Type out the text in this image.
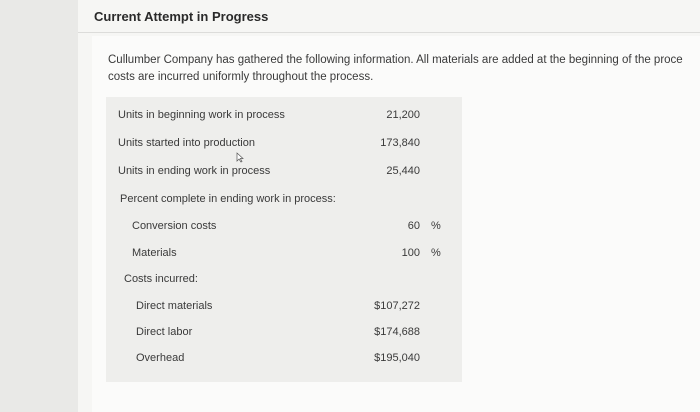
Current Attempt in Progress
Cullumber Company has gathered the following information. All materials are added at the beginning of the proce
costs are incurred uniformly throughout the process.
Units in beginning work in process	21,200
Units started into production	173,840
Units in ending work in process	25,440
Percent complete in ending work in process:
Conversion costs	60 %
Materials	100 %
Costs incurred:
Direct materials	$107,272
Direct labor	$174,688
Overhead	$195,040
